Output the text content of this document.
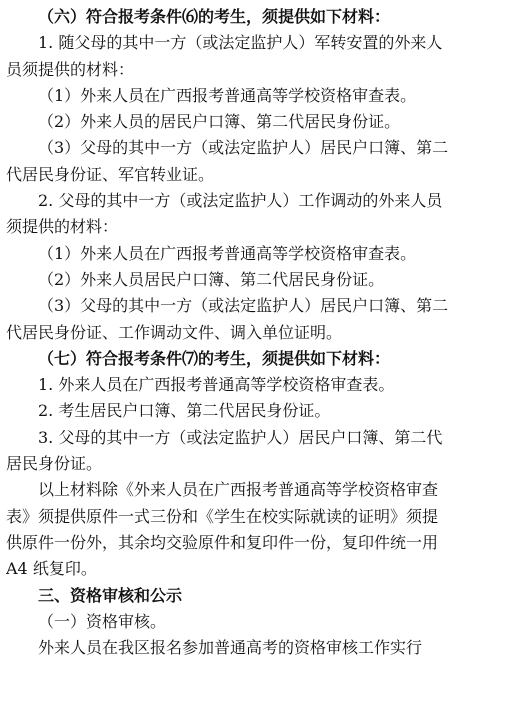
（六）符合报考条件⑹的考生，须提供如下材料：
1. 随父母的其中一方（或法定监护人）军转安置的外来人
员须提供的材料：
（1）外来人员在广西报考普通高等学校资格审查表。
（2）外来人员的居民户口簿、第二代居民身份证。
（3）父母的其中一方（或法定监护人）居民户口簿、第二
代居民身份证、军官转业证。
2. 父母的其中一方（或法定监护人）工作调动的外来人员
须提供的材料：
（1）外来人员在广西报考普通高等学校资格审查表。
（2）外来人员居民户口簿、第二代居民身份证。
（3）父母的其中一方（或法定监护人）居民户口簿、第二
代居民身份证、工作调动文件、调入单位证明。
（七）符合报考条件⑺的考生，须提供如下材料：
1. 外来人员在广西报考普通高等学校资格审查表。
2. 考生居民户口簿、第二代居民身份证。
3. 父母的其中一方（或法定监护人）居民户口簿、第二代
居民身份证。
以上材料除《外来人员在广西报考普通高等学校资格审查
表》须提供原件一式三份和《学生在校实际就读的证明》须提
供原件一份外，其余均交验原件和复印件一份，复印件统一用
A4 纸复印。
三、资格审核和公示
（一）资格审核。
外来人员在我区报名参加普通高考的资格审核工作实行
